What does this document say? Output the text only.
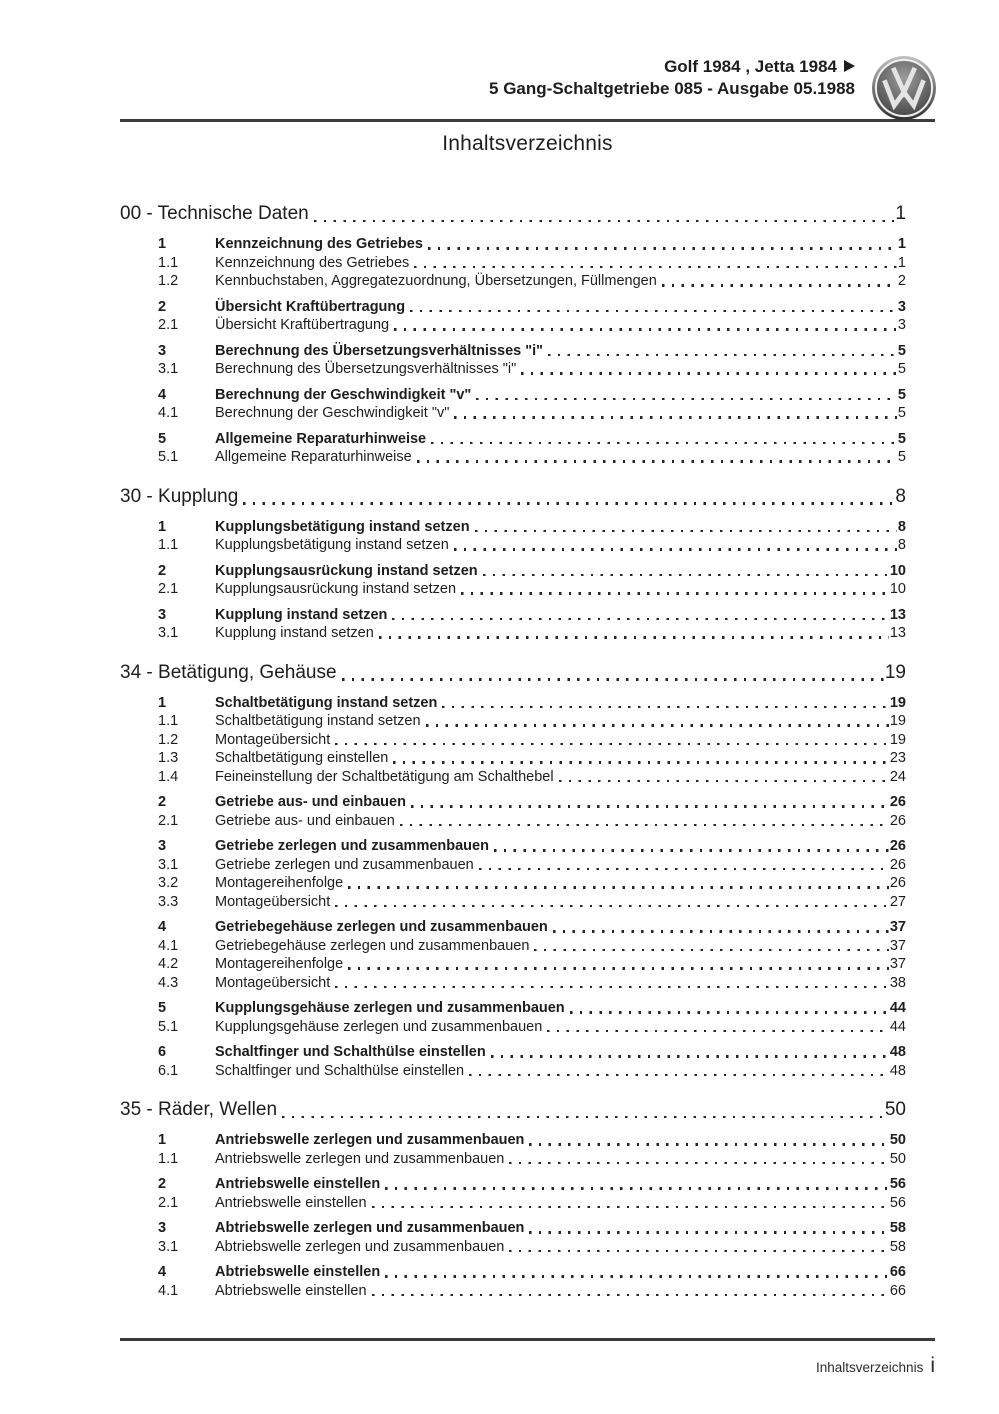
Golf 1984 , Jetta 1984
5 Gang-Schaltgetriebe 085 - Ausgabe 05.1988
Inhaltsverzeichnis
00 - Technische Daten	1
1	Kennzeichnung des Getriebes	1
1.1	Kennzeichnung des Getriebes	1
1.2	Kennbuchstaben, Aggregatezuordnung, Übersetzungen, Füllmengen	2
2	Übersicht Kraftübertragung	3
2.1	Übersicht Kraftübertragung	3
3	Berechnung des Übersetzungsverhältnisses "i"	5
3.1	Berechnung des Übersetzungsverhältnisses "i"	5
4	Berechnung der Geschwindigkeit "v"	5
4.1	Berechnung der Geschwindigkeit "v"	5
5	Allgemeine Reparaturhinweise	5
5.1	Allgemeine Reparaturhinweise	5
30 - Kupplung	8
1	Kupplungsbetätigung instand setzen	8
1.1	Kupplungsbetätigung instand setzen	8
2	Kupplungsausrückung instand setzen	10
2.1	Kupplungsausrückung instand setzen	10
3	Kupplung instand setzen	13
3.1	Kupplung instand setzen	13
34 - Betätigung, Gehäuse	19
1	Schaltbetätigung instand setzen	19
1.1	Schaltbetätigung instand setzen	19
1.2	Montageübersicht	19
1.3	Schaltbetätigung einstellen	23
1.4	Feineinstellung der Schaltbetätigung am Schalthebel	24
2	Getriebe aus- und einbauen	26
2.1	Getriebe aus- und einbauen	26
3	Getriebe zerlegen und zusammenbauen	26
3.1	Getriebe zerlegen und zusammenbauen	26
3.2	Montagereihenfolge	26
3.3	Montageübersicht	27
4	Getriebegehäuse zerlegen und zusammenbauen	37
4.1	Getriebegehäuse zerlegen und zusammenbauen	37
4.2	Montagereihenfolge	37
4.3	Montageübersicht	38
5	Kupplungsgehäuse zerlegen und zusammenbauen	44
5.1	Kupplungsgehäuse zerlegen und zusammenbauen	44
6	Schaltfinger und Schalthülse einstellen	48
6.1	Schaltfinger und Schalthülse einstellen	48
35 - Räder, Wellen	50
1	Antriebswelle zerlegen und zusammenbauen	50
1.1	Antriebswelle zerlegen und zusammenbauen	50
2	Antriebswelle einstellen	56
2.1	Antriebswelle einstellen	56
3	Abtriebswelle zerlegen und zusammenbauen	58
3.1	Abtriebswelle zerlegen und zusammenbauen	58
4	Abtriebswelle einstellen	66
4.1	Abtriebswelle einstellen	66
Inhaltsverzeichnis i
